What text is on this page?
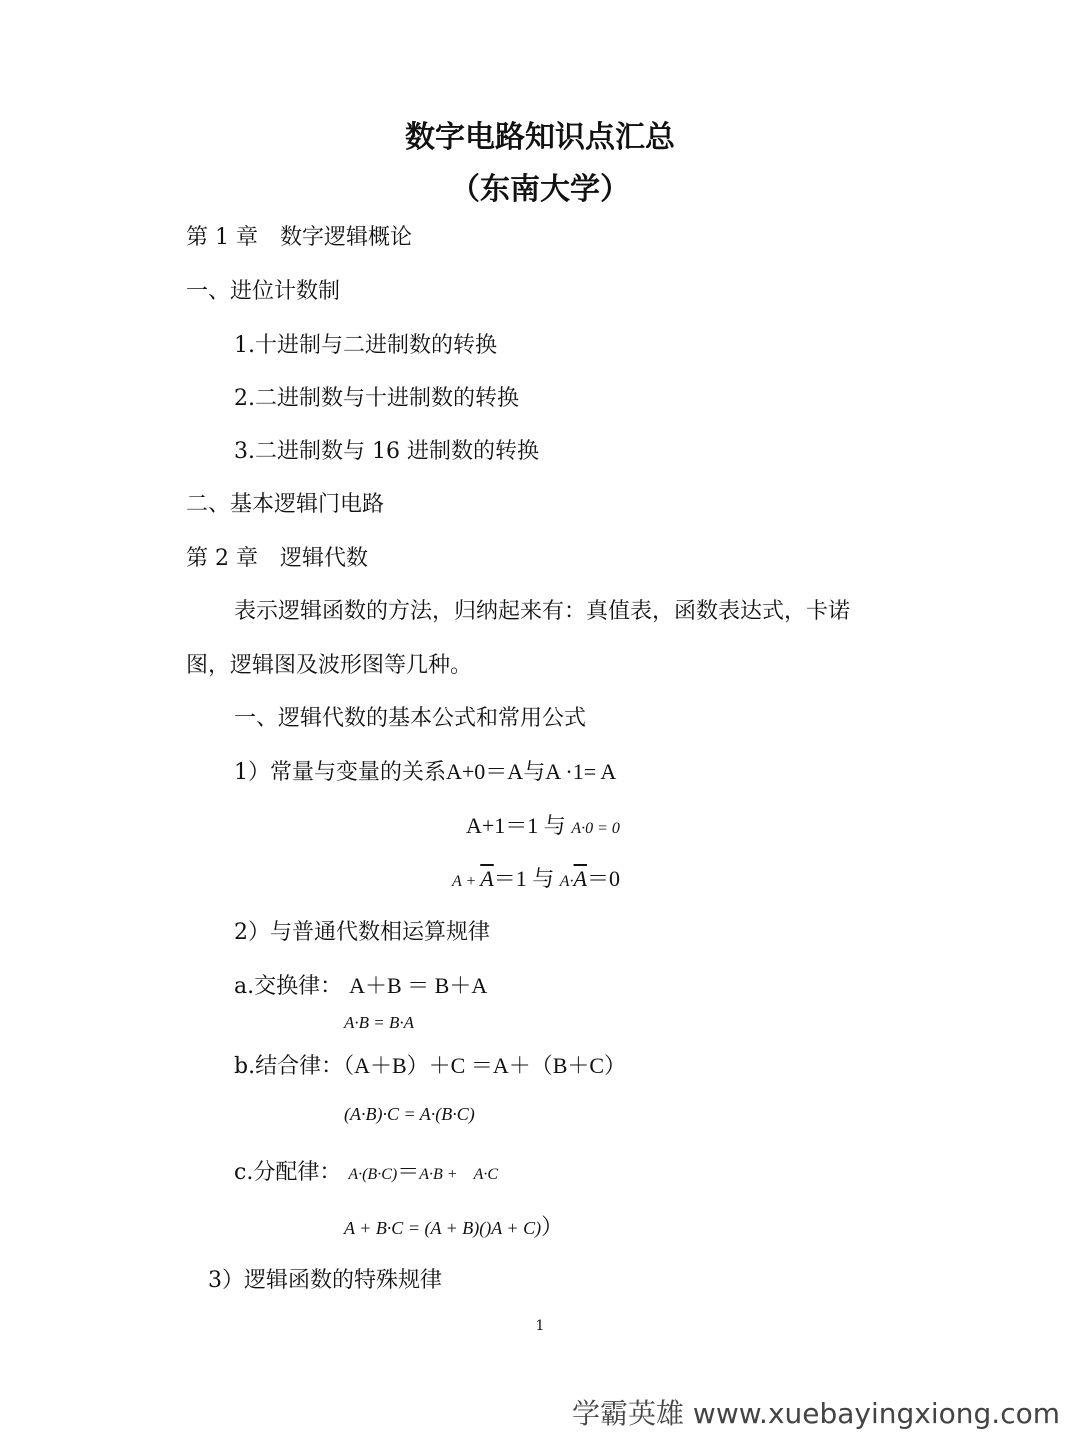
数字电路知识点汇总
（东南大学）
第 1 章　数字逻辑概论
一、进位计数制
1.十进制与二进制数的转换
2.二进制数与十进制数的转换
3.二进制数与 16 进制数的转换
二、基本逻辑门电路
第 2 章　逻辑代数
表示逻辑函数的方法，归纳起来有：真值表，函数表达式，卡诺
图，逻辑图及波形图等几种。
一、逻辑代数的基本公式和常用公式
1）常量与变量的关系A+0＝A与A ·1= A
A+1＝1 与 A·0 = 0
$A + \overline{A}=1$ 与 $A\cdot\overline{A}=0$
2）与普通代数相运算规律
a.交换律： A＋B ＝ B＋A
A·B = B·A
b.结合律：（A＋B）＋C ＝A＋（B＋C）
(A·B)·C = A·(B·C)
c.分配律： A·(B·C)＝A·B +　A·C
A + B·C = (A + B)()A + C)）
3）逻辑函数的特殊规律
1
学霸英雄 www.xuebayingxiong.com
